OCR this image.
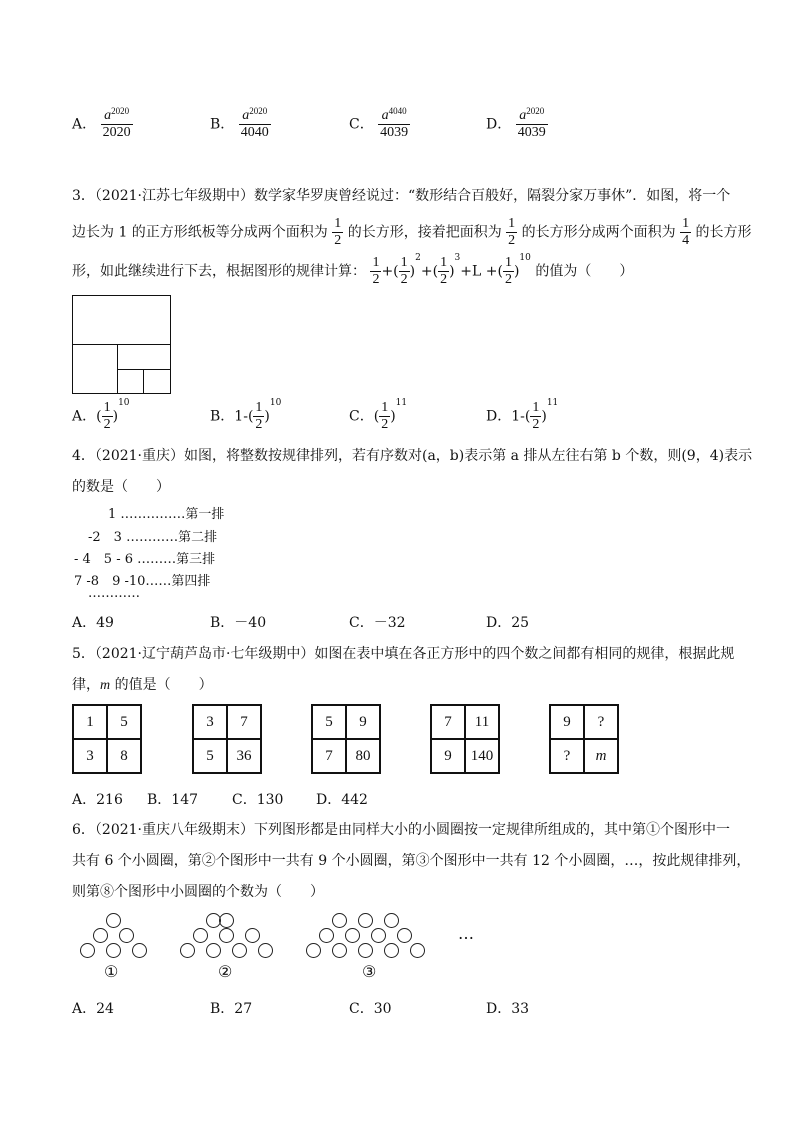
A． $\frac{a^{2020}}{2020}$	B． $\frac{a^{2020}}{4040}$	C． $\frac{a^{4040}}{4039}$	D． $\frac{a^{2020}}{4039}$
3．（2021·江苏七年级期中）数学家华罗庚曾经说过：“数形结合百般好，隔裂分家万事休”．如图，将一个
边长为 1 的正方形纸板等分成两个面积为 $\frac{1}{2}$ 的长方形，接着把面积为 $\frac{1}{2}$ 的长方形分成两个面积为 $\frac{1}{4}$ 的长方形
形，如此继续进行下去，根据图形的规律计算： $\frac{1}{2}$ +( $\frac{1}{2} )^2+( \frac{1}{2} )^3+L$ +( $\frac{1}{2} )^{10}$ 的值为（　　）
A．( $\frac{1}{2} )^{10}$
B．$1-( \frac{1}{2} )^{10}$
C．( $\frac{1}{2} )^{11}$
D．$1-( \frac{1}{2} )^{11}$
4．（2021·重庆）如图，将整数按规律排列，若有序数对(a，b)表示第 a 排从左往右第 b 个数，则(9，4)表示
的数是（　　）
1 ……………第一排
-2　3 …………第二排
- 4　5 - 6 ………第三排
7 -8　9 -10……第四排
…………
A．49	B．－40	C．－32	D．25
5．（2021·辽宁葫芦岛市·七年级期中）如图在表中填在各正方形中的四个数之间都有相同的规律，根据此规
律，m 的值是（　　）
1	5
3	8
3	7
5	36
5	9
7	80
7	11
9	140
9	?
?	m
A．216 B．147 C．130 D．442
6．（2021·重庆八年级期末）下列图形都是由同样大小的小圆圈按一定规律所组成的，其中第①个图形中一
共有 6 个小圆圈，第②个图形中一共有 9 个小圆圈，第③个图形中一共有 12 个小圆圈，…，按此规律排列，
则第⑧个图形中小圆圈的个数为（　　）
①	②	③
…
A．24	B．27	C．30	D．33
